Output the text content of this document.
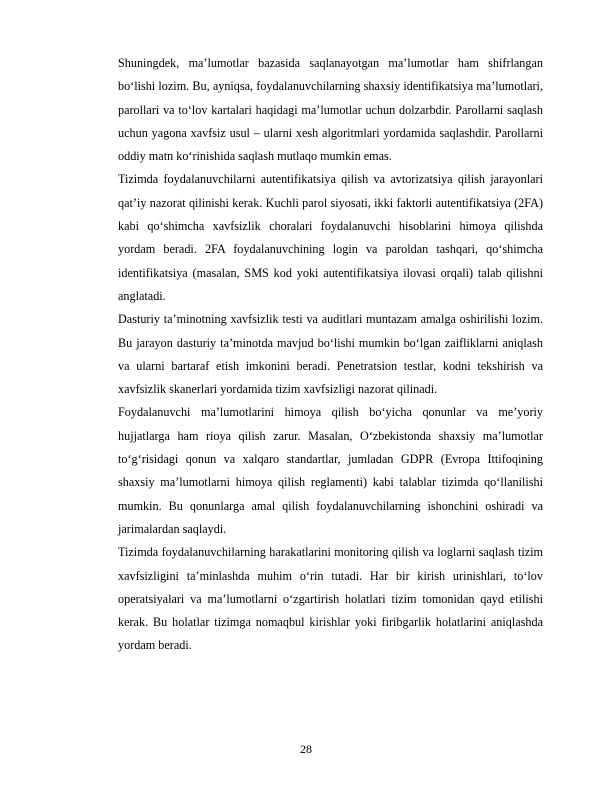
Shuningdek, ma’lumotlar bazasida saqlanayotgan ma’lumotlar ham shifrlangan bo‘lishi lozim. Bu, ayniqsa, foydalanuvchilarning shaxsiy identifikatsiya ma’lumotlari, parollari va to‘lov kartalari haqidagi ma’lumotlar uchun dolzarbdir. Parollarni saqlash uchun yagona xavfsiz usul – ularni xesh algoritmlari yordamida saqlashdir. Parollarni oddiy matn ko‘rinishida saqlash mutlaqo mumkin emas.

Tizimda foydalanuvchilarni autentifikatsiya qilish va avtorizatsiya qilish jarayonlari qat’iy nazorat qilinishi kerak. Kuchli parol siyosati, ikki faktorli autentifikatsiya (2FA) kabi qo‘shimcha xavfsizlik choralari foydalanuvchi hisoblarini himoya qilishda yordam beradi. 2FA foydalanuvchining login va paroldan tashqari, qo‘shimcha identifikatsiya (masalan, SMS kod yoki autentifikatsiya ilovasi orqali) talab qilishni anglatadi.

Dasturiy ta’minotning xavfsizlik testi va auditlari muntazam amalga oshirilishi lozim. Bu jarayon dasturiy ta’minotda mavjud bo‘lishi mumkin bo‘lgan zaifliklarni aniqlash va ularni bartaraf etish imkonini beradi. Penetratsion testlar, kodni tekshirish va xavfsizlik skanerlari yordamida tizim xavfsizligi nazorat qilinadi.

Foydalanuvchi ma’lumotlarini himoya qilish bo‘yicha qonunlar va me’yoriy hujjatlarga ham rioya qilish zarur. Masalan, O‘zbekistonda shaxsiy ma’lumotlar to‘g‘risidagi qonun va xalqaro standartlar, jumladan GDPR (Evropa Ittifoqining shaxsiy ma’lumotlarni himoya qilish reglamenti) kabi talablar tizimda qo‘llanilishi mumkin. Bu qonunlarga amal qilish foydalanuvchilarning ishonchini oshiradi va jarimalardan saqlaydi.

Tizimda foydalanuvchilarning harakatlarini monitoring qilish va loglarni saqlash tizim xavfsizligini ta’minlashda muhim o‘rin tutadi. Har bir kirish urinishlari, to‘lov operatsiyalari va ma’lumotlarni o‘zgartirish holatlari tizim tomonidan qayd etilishi kerak. Bu holatlar tizimga nomaqbul kirishlar yoki firibgarlik holatlarini aniqlashda yordam beradi.

28
